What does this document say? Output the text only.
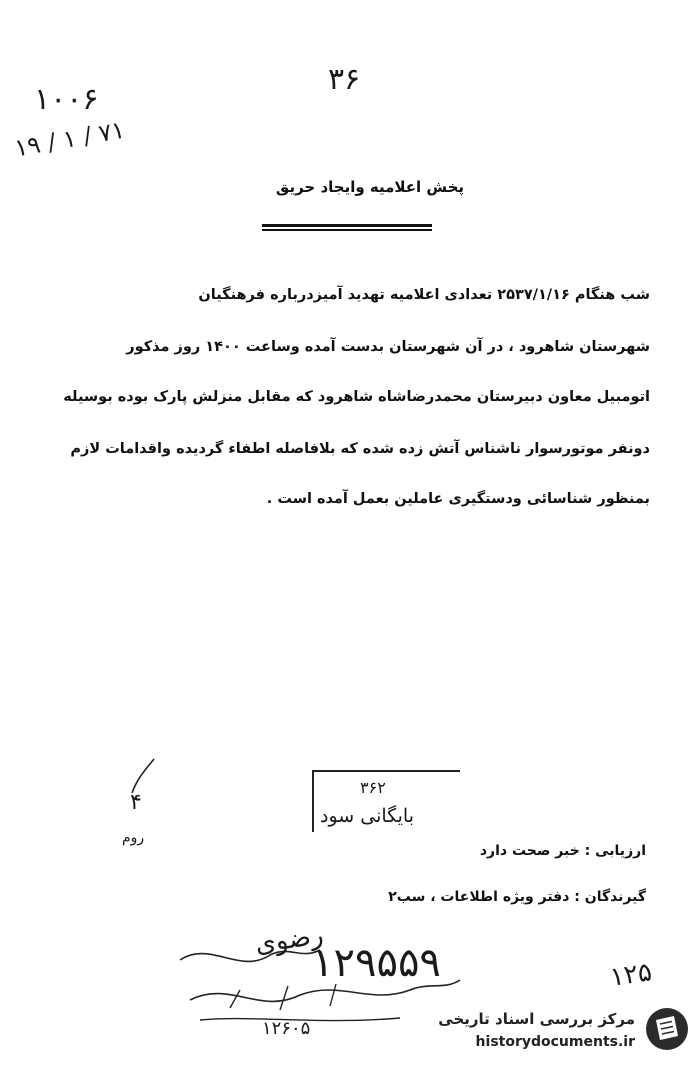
۳۶
۱۰۰۶
۱۹ / ۱ / ۷۱
پخش اعلامیه وایجاد حریق
شب هنگام ۲۵۳۷/۱/۱۶ تعدادی اعلامیه تهدید آمیزدرباره فرهنگیان
شهرستان شاهرود ، در آن شهرستان بدست آمده وساعت ۱۴۰۰ روز مذکور
اتومبیل معاون دبیرستان محمدرضاشاه شاهرود که مقابل منزلش پارک بوده بوسیله
دونفر موتورسوار ناشناس آتش زده شده که بلافاصله اطفاء گردیده واقدامات لازم
بمنظور شناسائی ودستگیری عاملین بعمل آمده است .
۴
روم
۳۶۲
بایگانی سود
ارزیابی : خبر صحت دارد
گیرندگان : دفتر ویژه اطلاعات ، سب۲
رضوی
۱۲۹۵۵۹
۱۲۶۰۵
۱۲۵
مرکز بررسی اسناد تاریخی
historydocuments.ir
